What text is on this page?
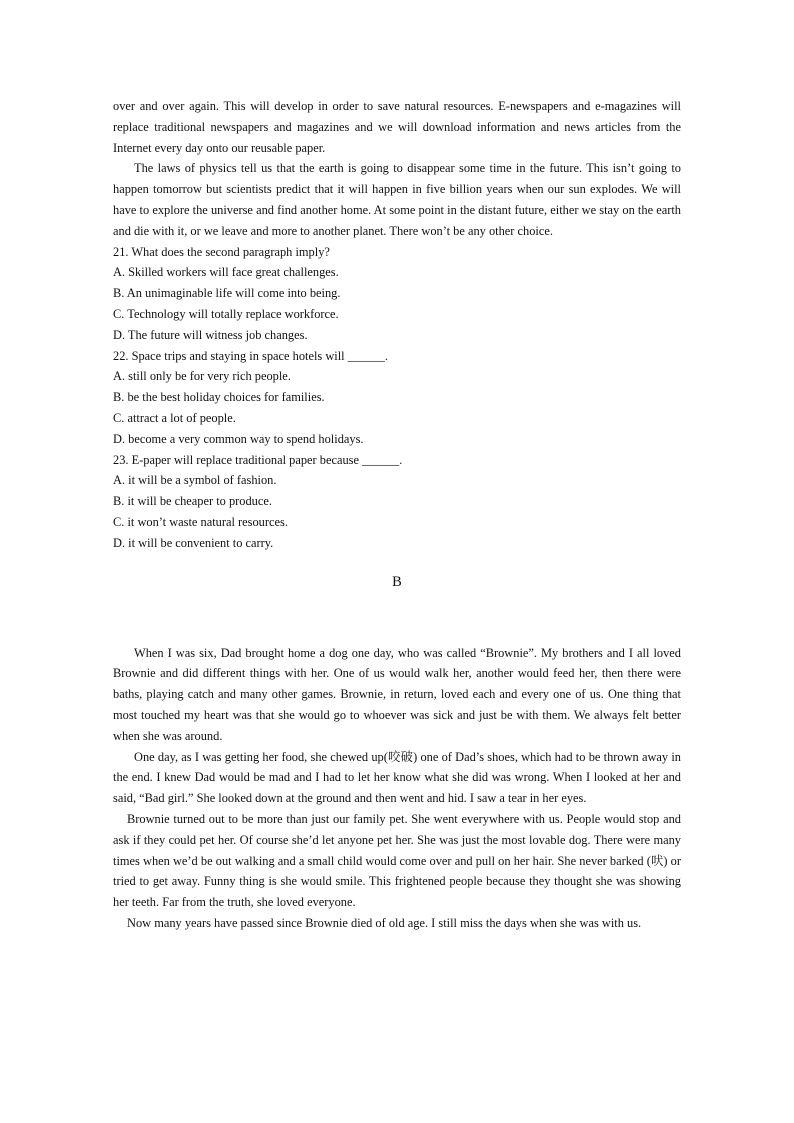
over and over again. This will develop in order to save natural resources. E-newspapers and e-magazines will replace traditional newspapers and magazines and we will download information and news articles from the Internet every day onto our reusable paper.

The laws of physics tell us that the earth is going to disappear some time in the future. This isn’t going to happen tomorrow but scientists predict that it will happen in five billion years when our sun explodes. We will have to explore the universe and find another home. At some point in the distant future, either we stay on the earth and die with it, or we leave and more to another planet. There won’t be any other choice.

21. What does the second paragraph imply?

A. Skilled workers will face great challenges.

B. An unimaginable life will come into being.

C. Technology will totally replace workforce.

D. The future will witness job changes.

22. Space trips and staying in space hotels will ______.

A. still only be for very rich people.

B. be the best holiday choices for families.

C. attract a lot of people.

D. become a very common way to spend holidays.

23. E-paper will replace traditional paper because ______.

A. it will be a symbol of fashion.

B. it will be cheaper to produce.

C. it won’t waste natural resources.

D. it will be convenient to carry.

B

When I was six, Dad brought home a dog one day, who was called “Brownie”. My brothers and I all loved Brownie and did different things with her. One of us would walk her, another would feed her, then there were baths, playing catch and many other games. Brownie, in return, loved each and every one of us. One thing that most touched my heart was that she would go to whoever was sick and just be with them. We always felt better when she was around.

One day, as I was getting her food, she chewed up(咬破) one of Dad’s shoes, which had to be thrown away in the end. I knew Dad would be mad and I had to let her know what she did was wrong. When I looked at her and said, “Bad girl.” She looked down at the ground and then went and hid. I saw a tear in her eyes.

Brownie turned out to be more than just our family pet. She went everywhere with us. People would stop and ask if they could pet her. Of course she’d let anyone pet her. She was just the most lovable dog. There were many times when we’d be out walking and a small child would come over and pull on her hair. She never barked (吠) or tried to get away. Funny thing is she would smile. This frightened people because they thought she was showing her teeth. Far from the truth, she loved everyone.

Now many years have passed since Brownie died of old age. I still miss the days when she was with us.
